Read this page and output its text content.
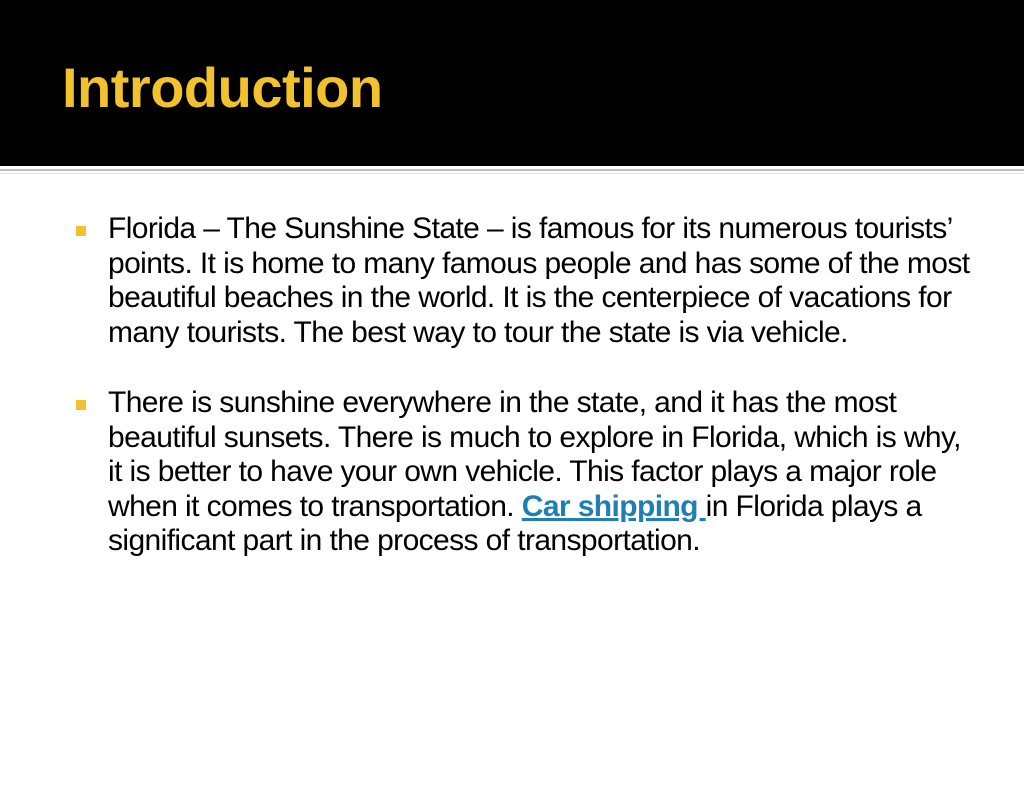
Introduction
Florida – The Sunshine State – is famous for its numerous tourists’ points. It is home to many famous people and has some of the most beautiful beaches in the world. It is the centerpiece of vacations for many tourists. The best way to tour the state is via vehicle.
There is sunshine everywhere in the state, and it has the most beautiful sunsets. There is much to explore in Florida, which is why, it is better to have your own vehicle. This factor plays a major role when it comes to transportation. Car shipping in Florida plays a significant part in the process of transportation.
